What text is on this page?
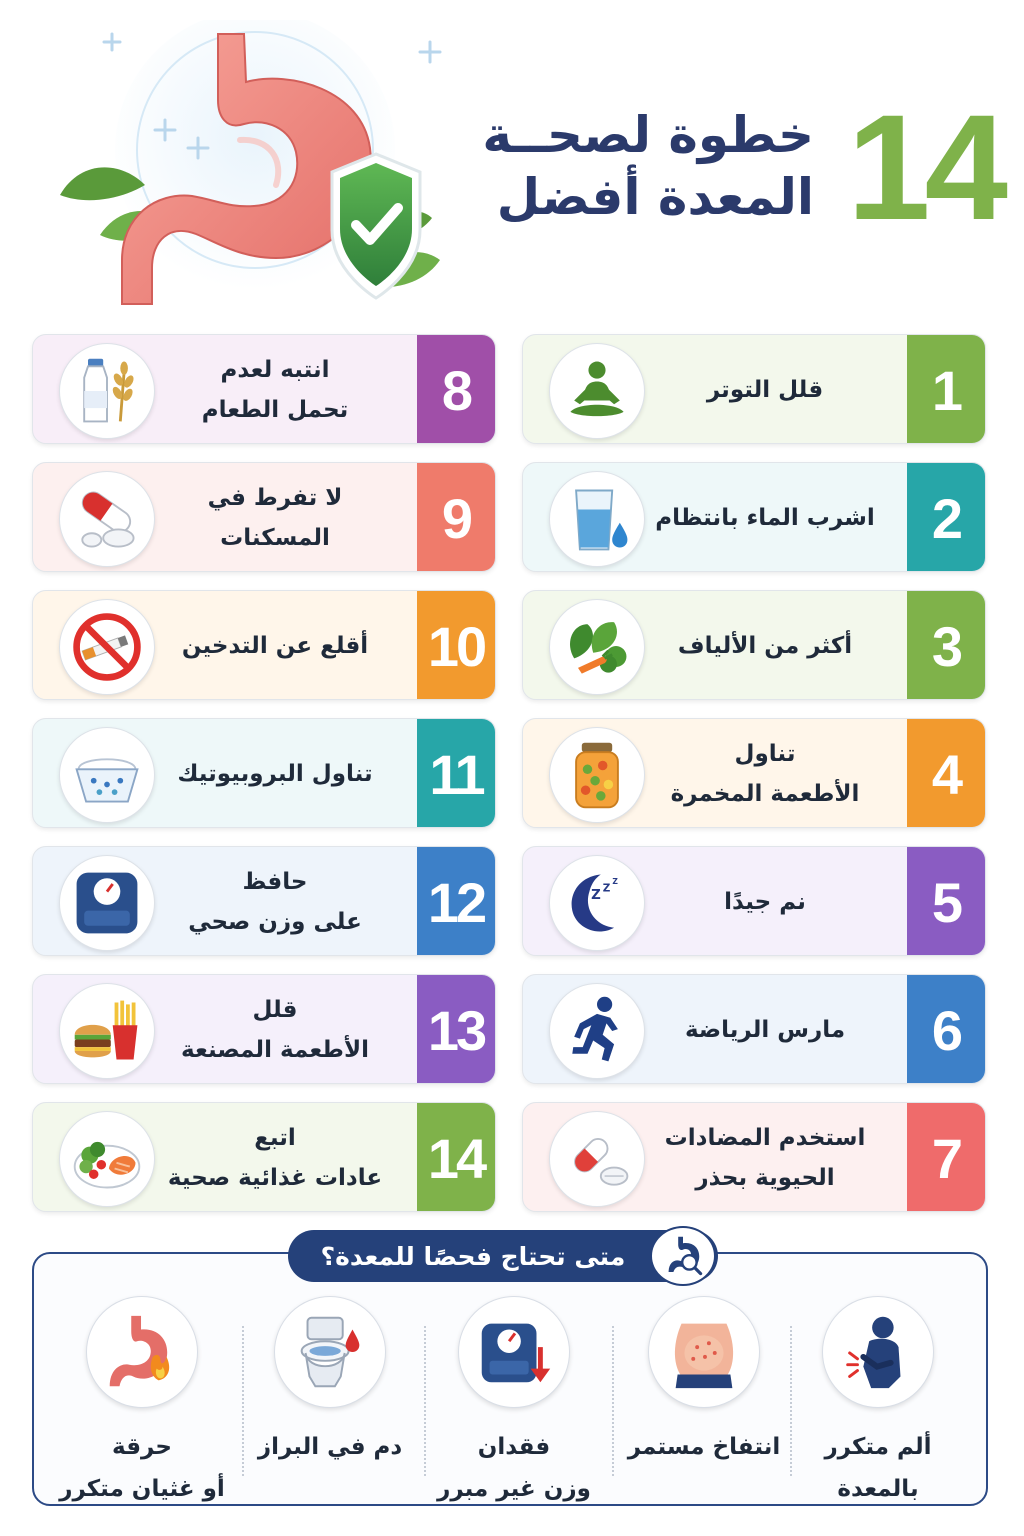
14
خطوة لصحــة
المعدة أفضل
1
قلل التوتر
2
اشرب الماء بانتظام
3
أكثر من الألياف
4
تناول
الأطعمة المخمرة
5
نم جيدًا
Z Z
Z
6
مارس الرياضة
7
استخدم المضادات
الحيوية بحذر
8
انتبه لعدم
تحمل الطعام
9
لا تفرط في
المسكنات
10
أقلع عن التدخين
11
تناول البروبيوتيك
12
حافظ
على وزن صحي
13
قلل
الأطعمة المصنعة
14
اتبع
عادات غذائية صحية
متى تحتاج فحصًا للمعدة؟
ألم متكرر
بالمعدة
انتفاخ مستمر
فقدان
وزن غير مبرر
دم في البراز
حرقة
أو غثيان متكرر
